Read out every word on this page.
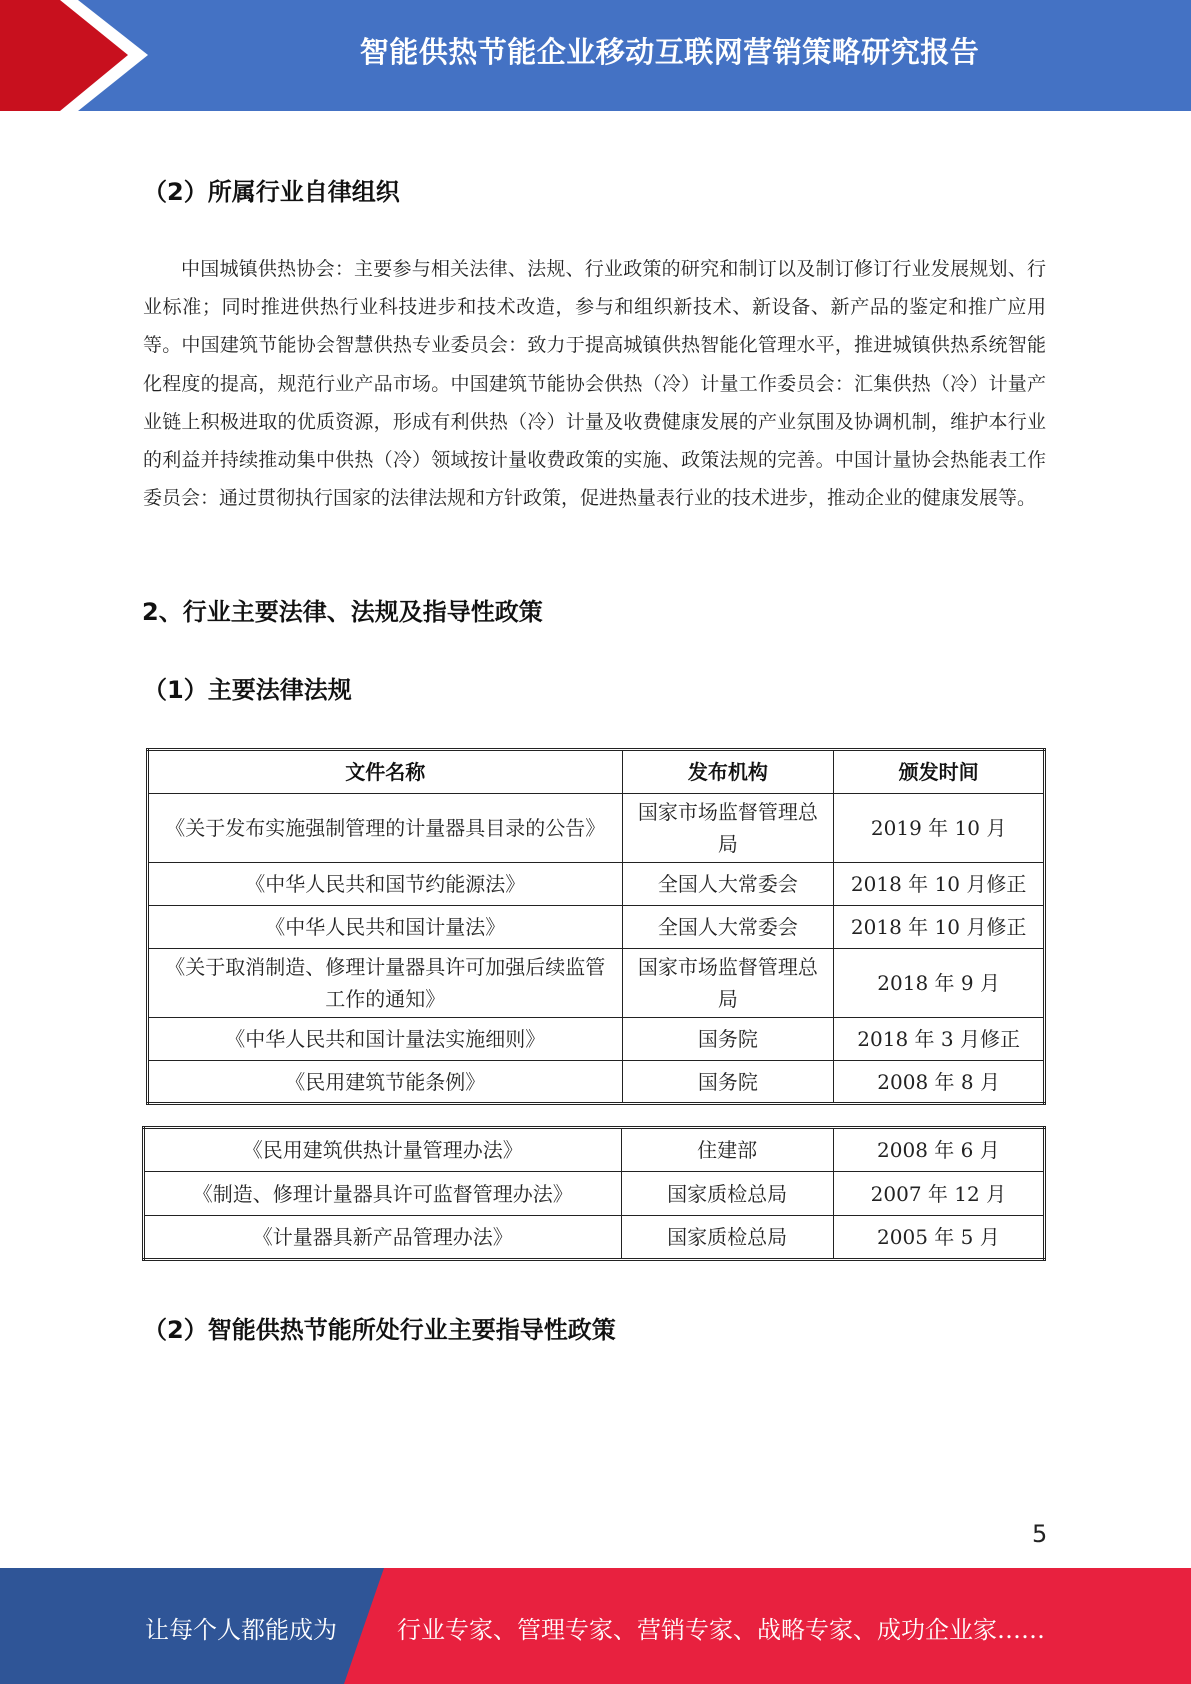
智能供热节能企业移动互联网营销策略研究报告
（2）所属行业自律组织

中国城镇供热协会：主要参与相关法律、法规、行业政策的研究和制订以及制订修订行业发展规划、行业标准；同时推进供热行业科技进步和技术改造，参与和组织新技术、新设备、新产品的鉴定和推广应用等。中国建筑节能协会智慧供热专业委员会：致力于提高城镇供热智能化管理水平，推进城镇供热系统智能化程度的提高，规范行业产品市场。中国建筑节能协会供热（冷）计量工作委员会：汇集供热（冷）计量产业链上积极进取的优质资源，形成有利供热（冷）计量及收费健康发展的产业氛围及协调机制，维护本行业的利益并持续推动集中供热（冷）领域按计量收费政策的实施、政策法规的完善。中国计量协会热能表工作委员会：通过贯彻执行国家的法律法规和方针政策，促进热量表行业的技术进步，推动企业的健康发展等。

2、行业主要法律、法规及指导性政策
（1）主要法律法规
文件名称	发布机构	颁发时间
《关于发布实施强制管理的计量器具目录的公告》	国家市场监督管理总局	2019 年 10 月
《中华人民共和国节约能源法》	全国人大常委会	2018 年 10 月修正
《中华人民共和国计量法》	全国人大常委会	2018 年 10 月修正
《关于取消制造、修理计量器具许可加强后续监管工作的通知》	国家市场监督管理总局	2018 年 9 月
《中华人民共和国计量法实施细则》	国务院	2018 年 3 月修正
《民用建筑节能条例》	国务院	2008 年 8 月
《民用建筑供热计量管理办法》	住建部	2008 年 6 月
《制造、修理计量器具许可监督管理办法》	国家质检总局	2007 年 12 月
《计量器具新产品管理办法》	国家质检总局	2005 年 5 月
（2）智能供热节能所处行业主要指导性政策
5
让每个人都能成为	行业专家、管理专家、营销专家、战略专家、成功企业家……
